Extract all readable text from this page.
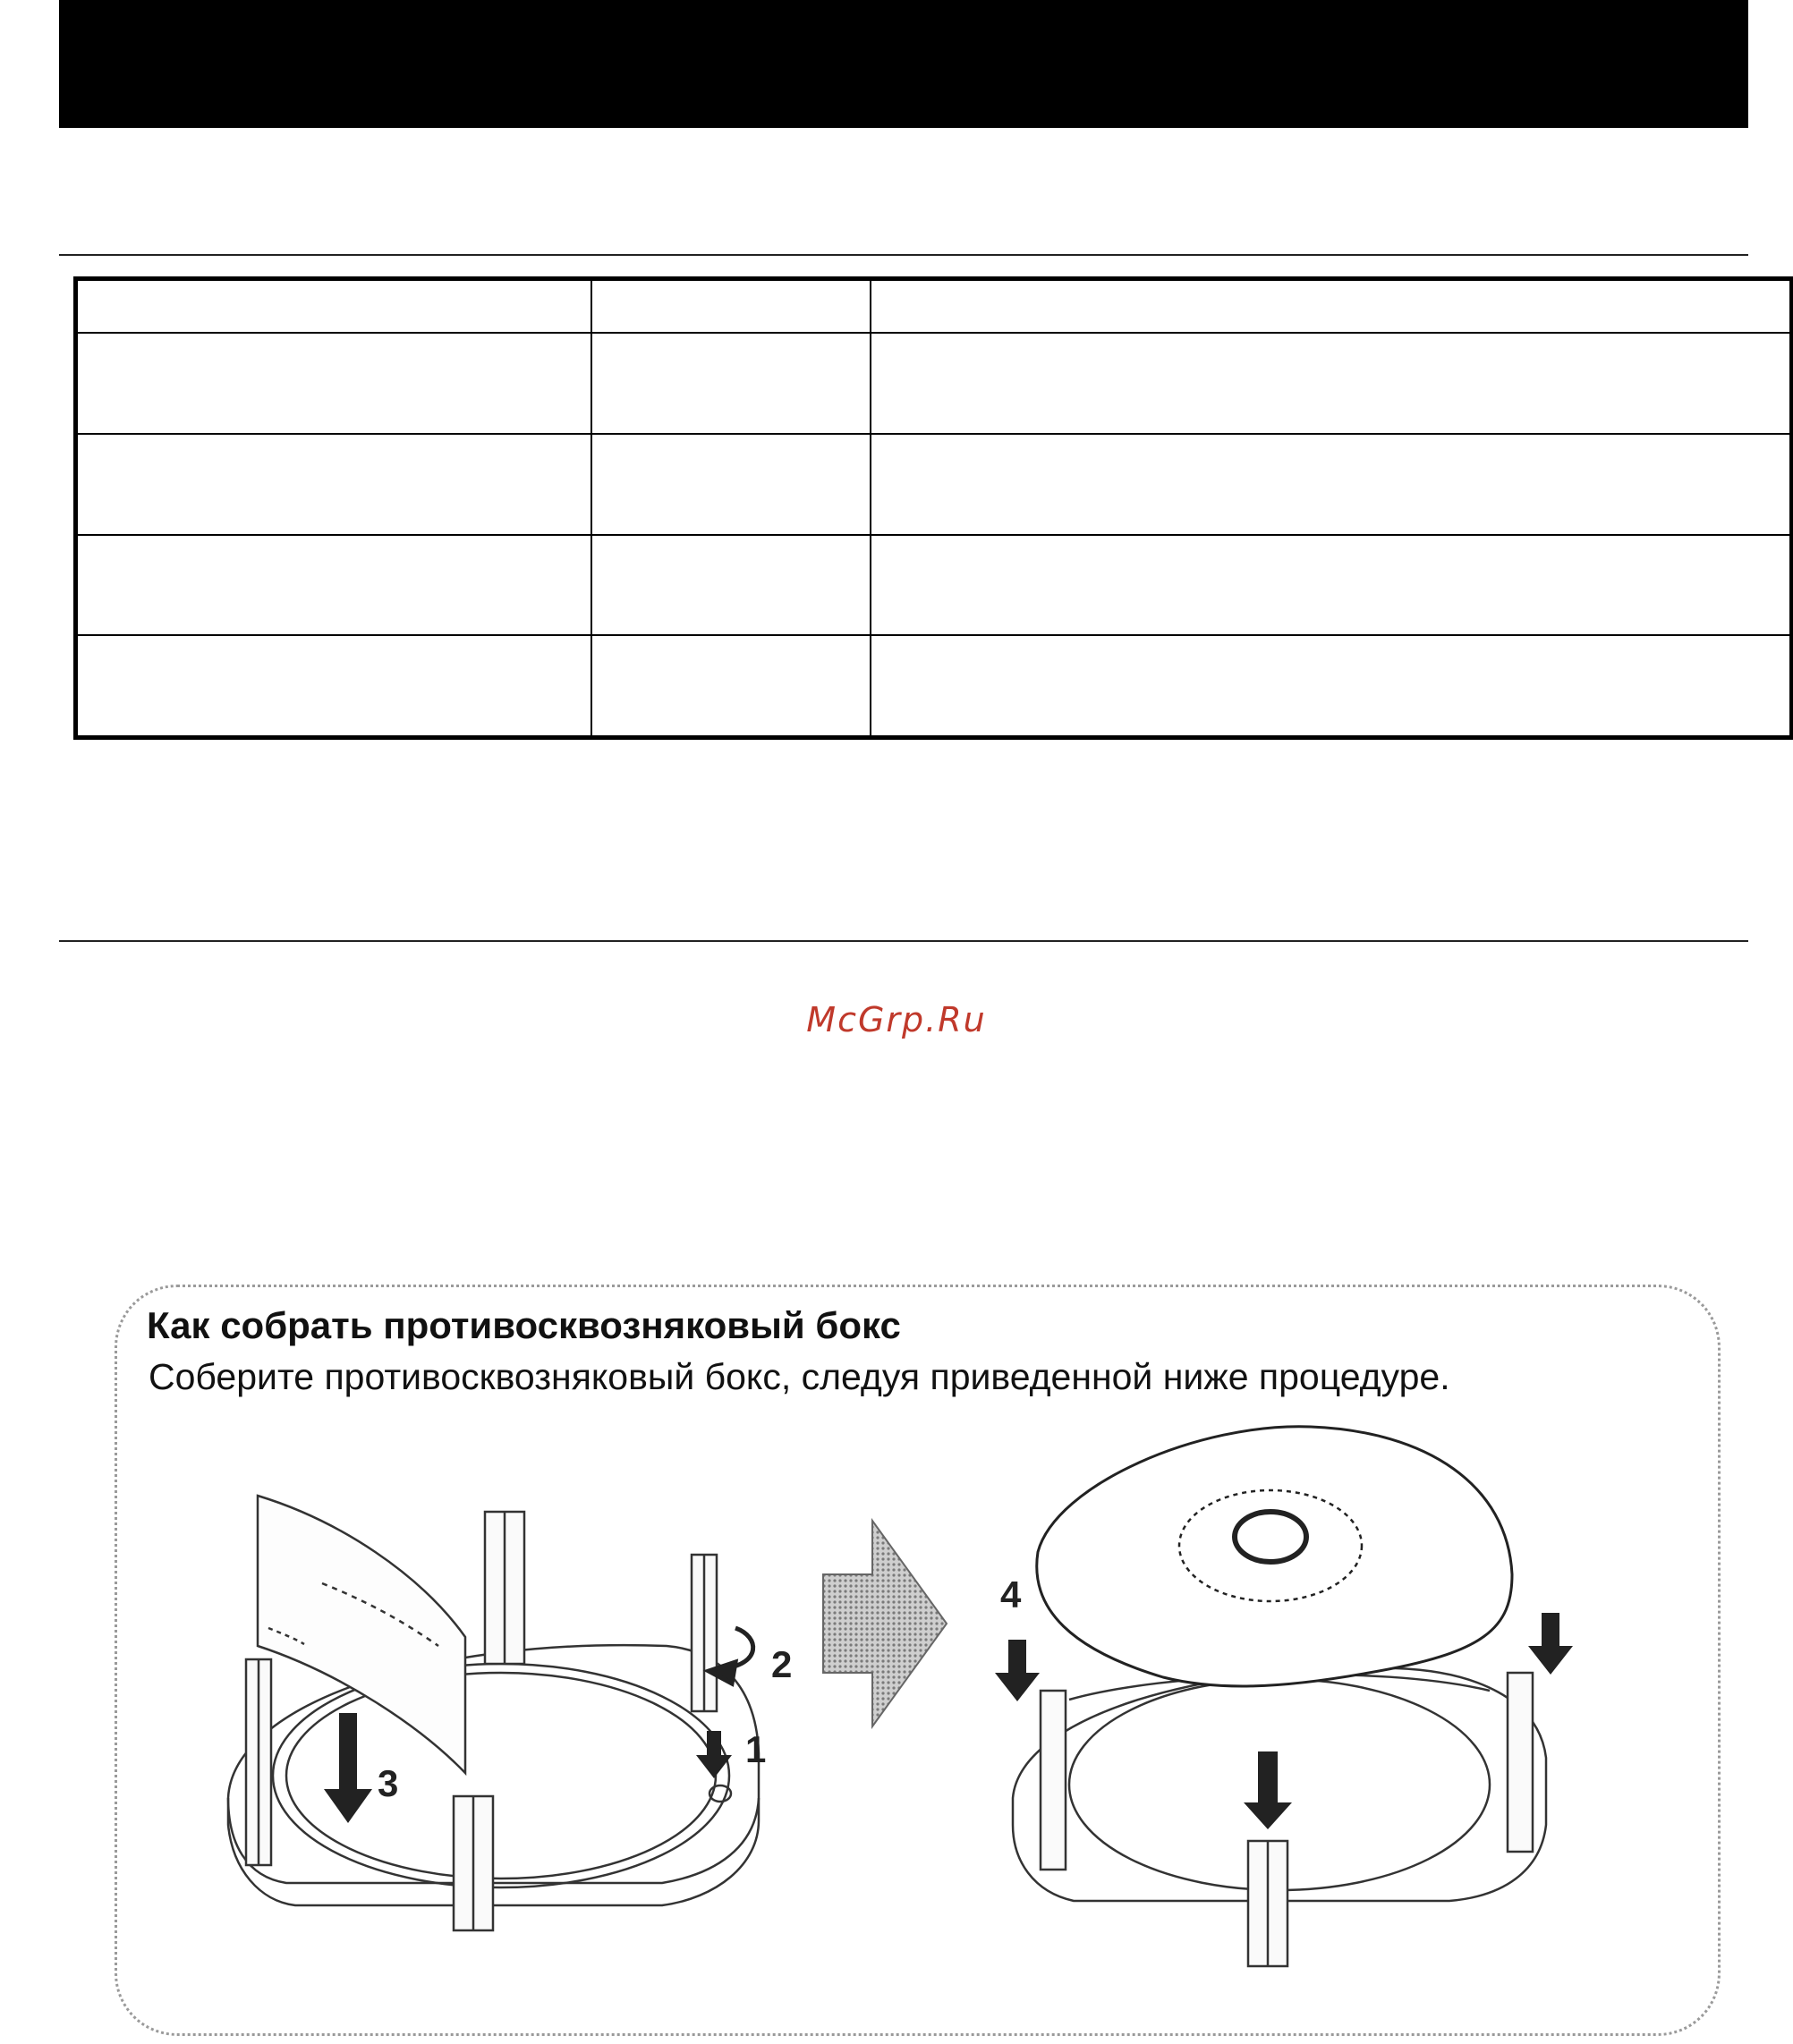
McGrp.Ru
Как собрать противосквозняковый бокс
Соберите противосквозняковый бокс, следуя приведенной ниже процедуре.
1
2
3
4
